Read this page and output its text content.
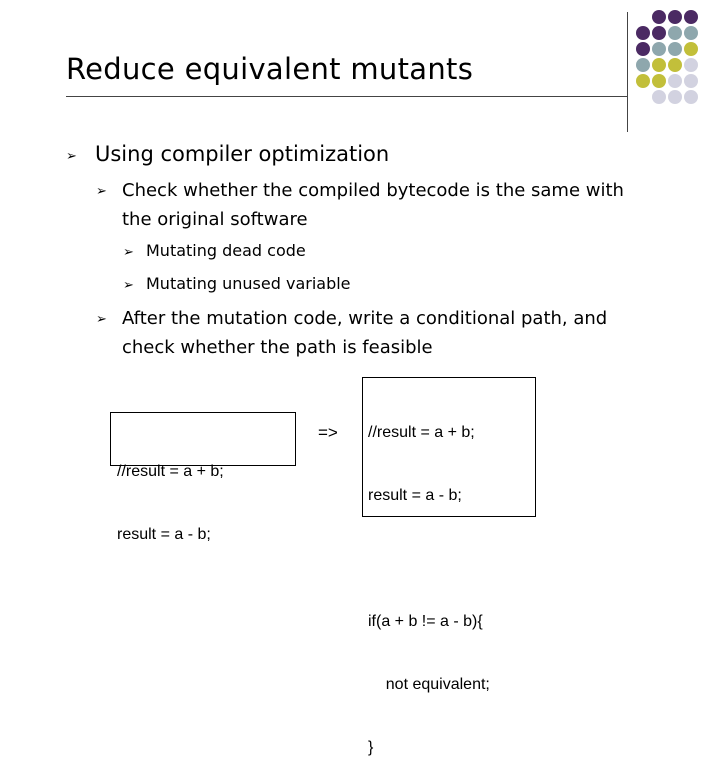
Reduce equivalent mutants
➢ Using compiler optimization
➢ Check whether the compiled bytecode is the same with
the original software
➢ Mutating dead code
➢ Mutating unused variable
➢ After the mutation code, write a conditional path, and
check whether the path is feasible

//result = a + b;

result = a - b;

=>

//result = a + b;

result = a - b;

if(a + b != a - b){

not equivalent;

}
